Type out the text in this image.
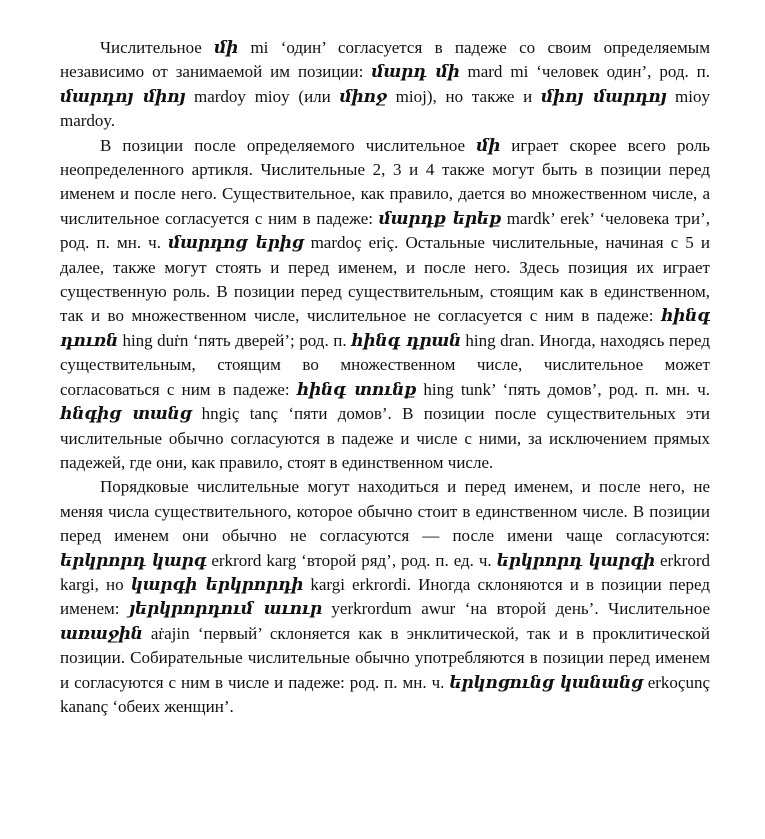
Числительное մի mi ‘один’ согласуется в падеже со своим определяемым независимо от занимаемой им позиции: մարդ մի mard mi ‘человек один’, род. п. մարդոյ միոյ mardoy mioy (или միոջ mioj), но также и միոյ մարդոյ mioy mardoy.

В позиции после определяемого числительное մի играет скорее всего роль неопределенного артикля. Числительные 2, 3 и 4 также могут быть в позиции перед именем и после него. Существительное, как правило, дается во множественном числе, а числительное согласуется с ним в падеже: մարդք երեք mardk’ erek’ ‘человека три’, род. п. мн. ч. մարդոց երից mardoç eriç. Остальные числительные, начиная с 5 и далее, также могут стоять и перед именем, и после него. Здесь позиция их играет существенную роль. В позиции перед существительным, стоящим как в единственном, так и во множественном числе, числительное не согласуется с ним в падеже: հինգ դուռն hing duṙn ‘пять дверей’; род. п. հինգ դրան hing dran. Иногда, находясь перед существительным, стоящим во множественном числе, числительное может согласоваться с ним в падеже: հինգ տունք hing tunk’ ‘пять домов’, род. п. мн. ч. հնգից տանց hngiç tanç ‘пяти домов’. В позиции после существительных эти числительные обычно согласуются в падеже и числе с ними, за исключением прямых падежей, где они, как правило, стоят в единственном числе.

Порядковые числительные могут находиться и перед именем, и после него, не меняя числа существительного, которое обычно стоит в единственном числе. В позиции перед именем они обычно не согласуются — после имени чаще согласуются: երկրորդ կարգ erkrord karg ‘второй ряд’, род. п. ед. ч. երկրորդ կարգի erkrord kargi, но կարգի երկրորդի kargi erkrordi. Иногда склоняются и в позиции перед именем: յերկրորդում աւուր yerkrordum awur ‘на второй день’. Числительное առաջին aṙajin ‘первый’ склоняется как в энклитической, так и в проклитической позиции. Собирательные числительные обычно употребляются в позиции перед именем и согласуются с ним в числе и падеже: род. п. мн. ч. երկոցունց կանանց erkoçunç kananç ‘обеих женщин’.
